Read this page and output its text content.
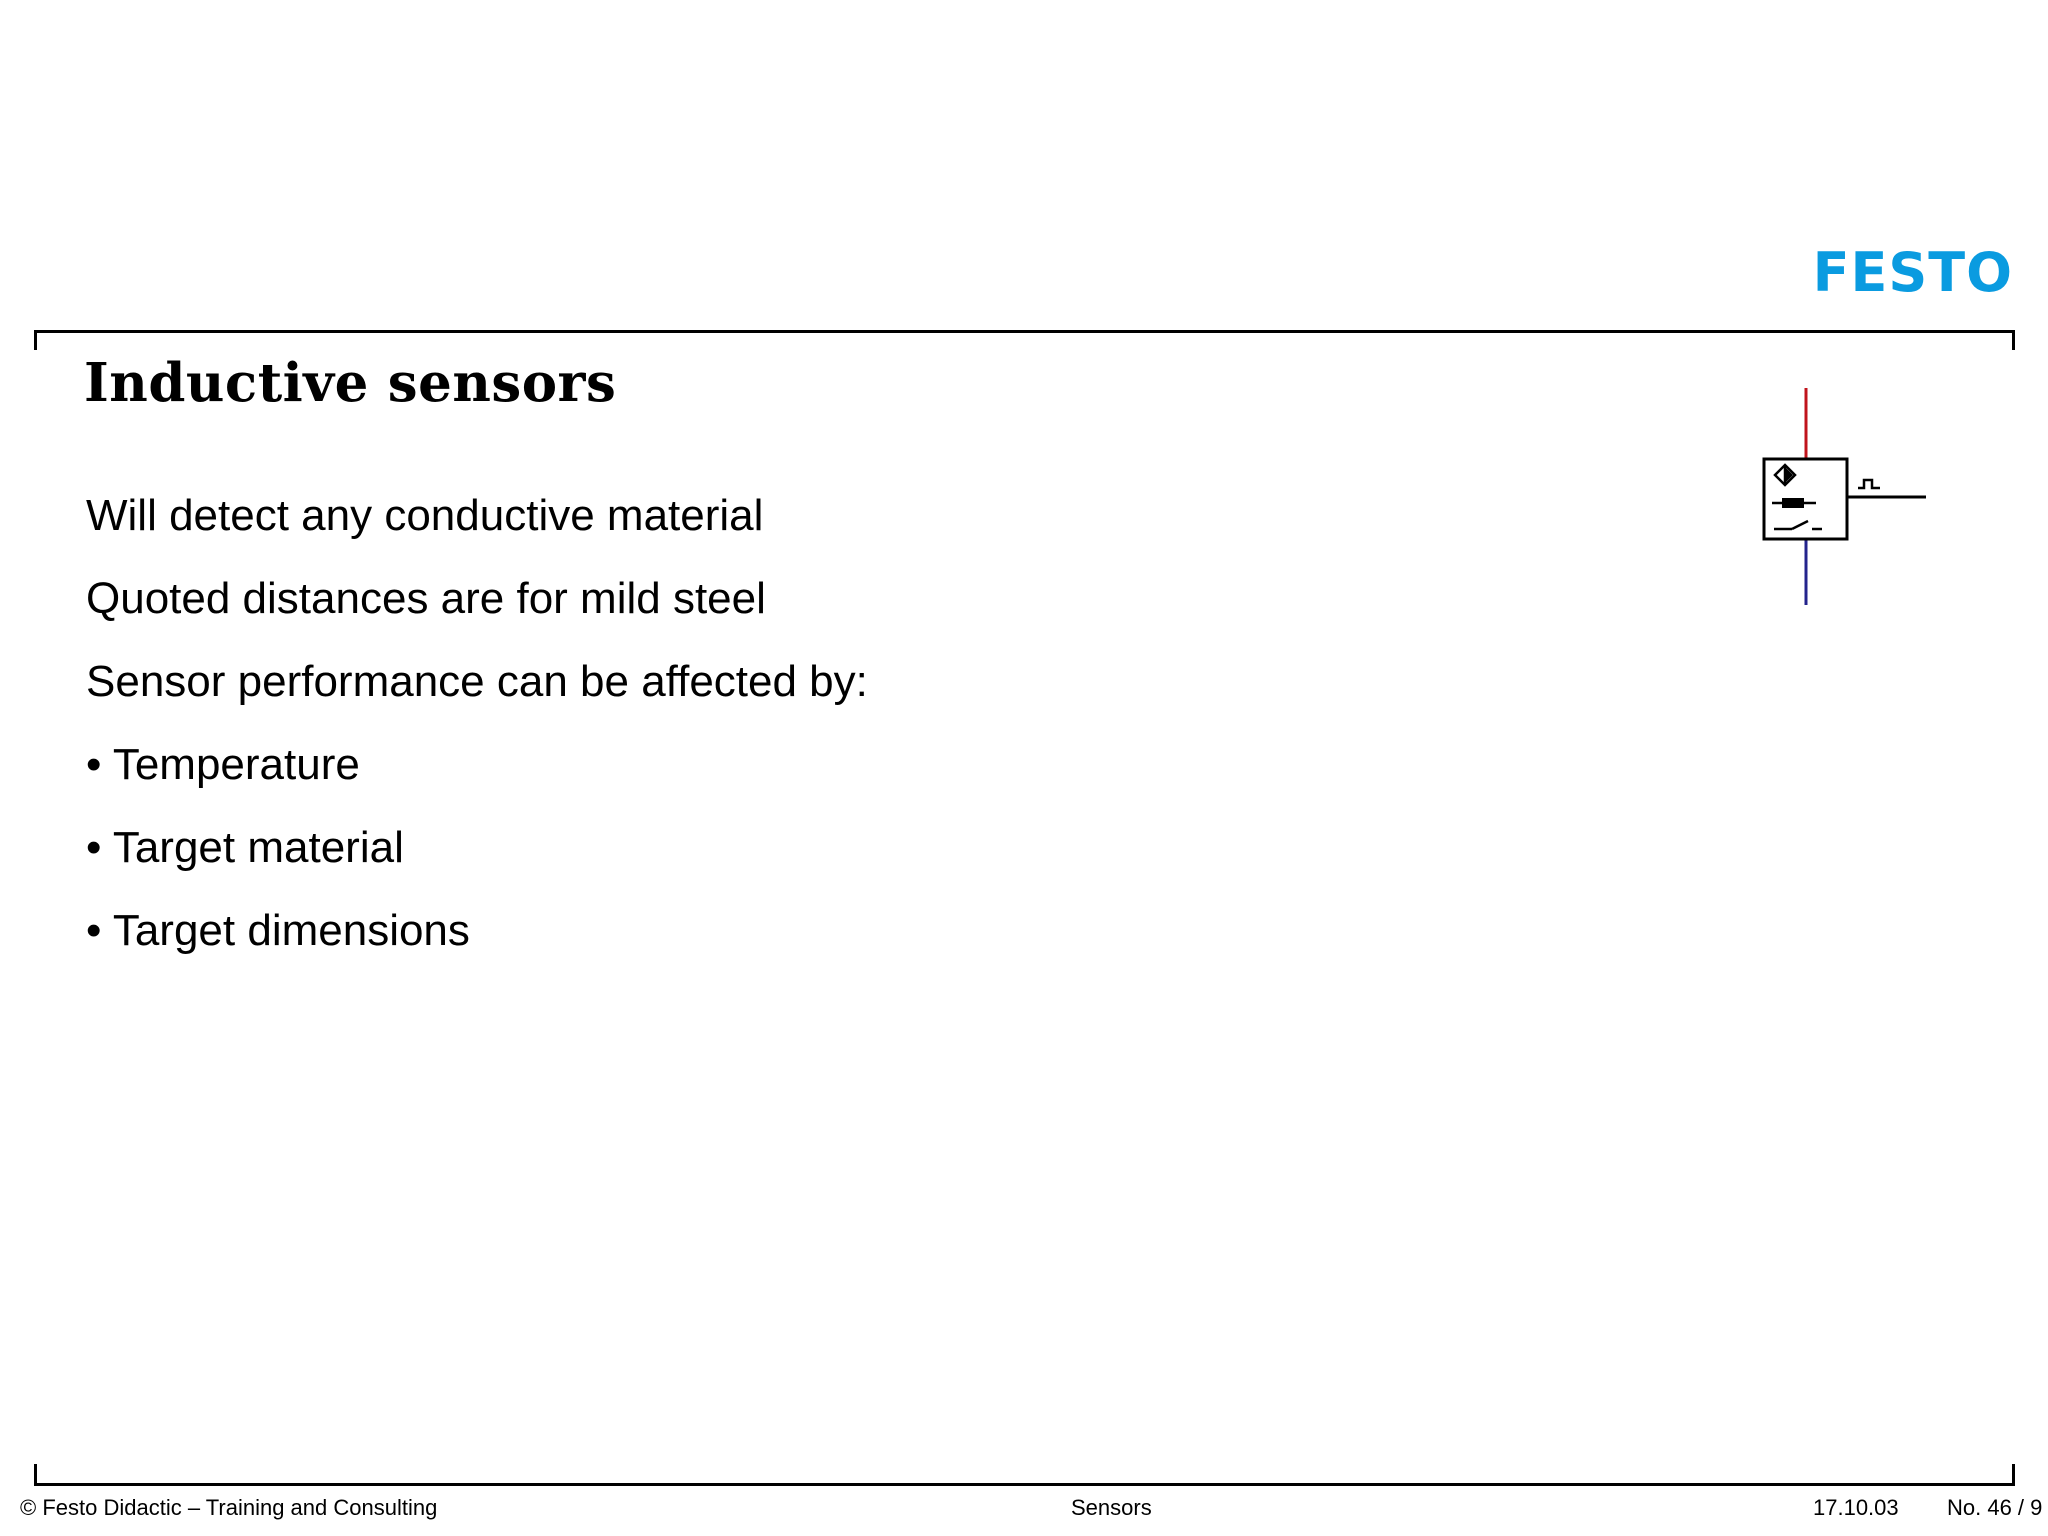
FESTO
Inductive sensors
Will detect any conductive material
Quoted distances are for mild steel
Sensor performance can be affected by:
• Temperature
• Target material
• Target dimensions
© Festo Didactic – Training and Consulting	Sensors	17.10.03 No. 46 / 9
